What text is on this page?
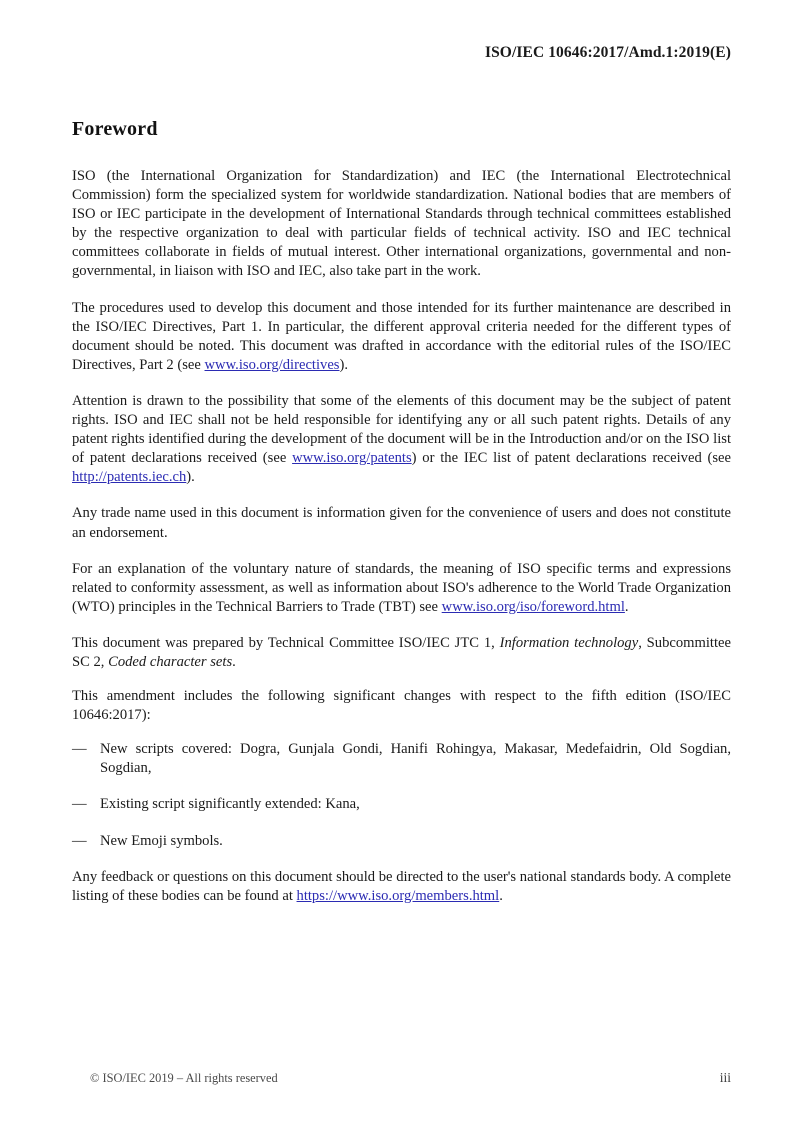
ISO/IEC 10646:2017/Amd.1:2019(E)
Foreword

ISO (the International Organization for Standardization) and IEC (the International Electrotechnical Commission) form the specialized system for worldwide standardization. National bodies that are members of ISO or IEC participate in the development of International Standards through technical committees established by the respective organization to deal with particular fields of technical activity. ISO and IEC technical committees collaborate in fields of mutual interest. Other international organizations, governmental and non-governmental, in liaison with ISO and IEC, also take part in the work.

The procedures used to develop this document and those intended for its further maintenance are described in the ISO/IEC Directives, Part 1. In particular, the different approval criteria needed for the different types of document should be noted. This document was drafted in accordance with the editorial rules of the ISO/IEC Directives, Part 2 (see www.iso.org/directives).

Attention is drawn to the possibility that some of the elements of this document may be the subject of patent rights. ISO and IEC shall not be held responsible for identifying any or all such patent rights. Details of any patent rights identified during the development of the document will be in the Introduction and/or on the ISO list of patent declarations received (see www.iso.org/patents) or the IEC list of patent declarations received (see http://patents.iec.ch).

Any trade name used in this document is information given for the convenience of users and does not constitute an endorsement.

For an explanation of the voluntary nature of standards, the meaning of ISO specific terms and expressions related to conformity assessment, as well as information about ISO's adherence to the World Trade Organization (WTO) principles in the Technical Barriers to Trade (TBT) see www.iso.org/iso/foreword.html.

This document was prepared by Technical Committee ISO/IEC JTC 1, Information technology, Subcommittee SC 2, Coded character sets.

This amendment includes the following significant changes with respect to the fifth edition (ISO/IEC 10646:2017):

— New scripts covered: Dogra, Gunjala Gondi, Hanifi Rohingya, Makasar, Medefaidrin, Old Sogdian, Sogdian,
— Existing script significantly extended: Kana,
— New Emoji symbols.

Any feedback or questions on this document should be directed to the user's national standards body. A complete listing of these bodies can be found at https://www.iso.org/members.html.

© ISO/IEC 2019 – All rights reserved	iii
